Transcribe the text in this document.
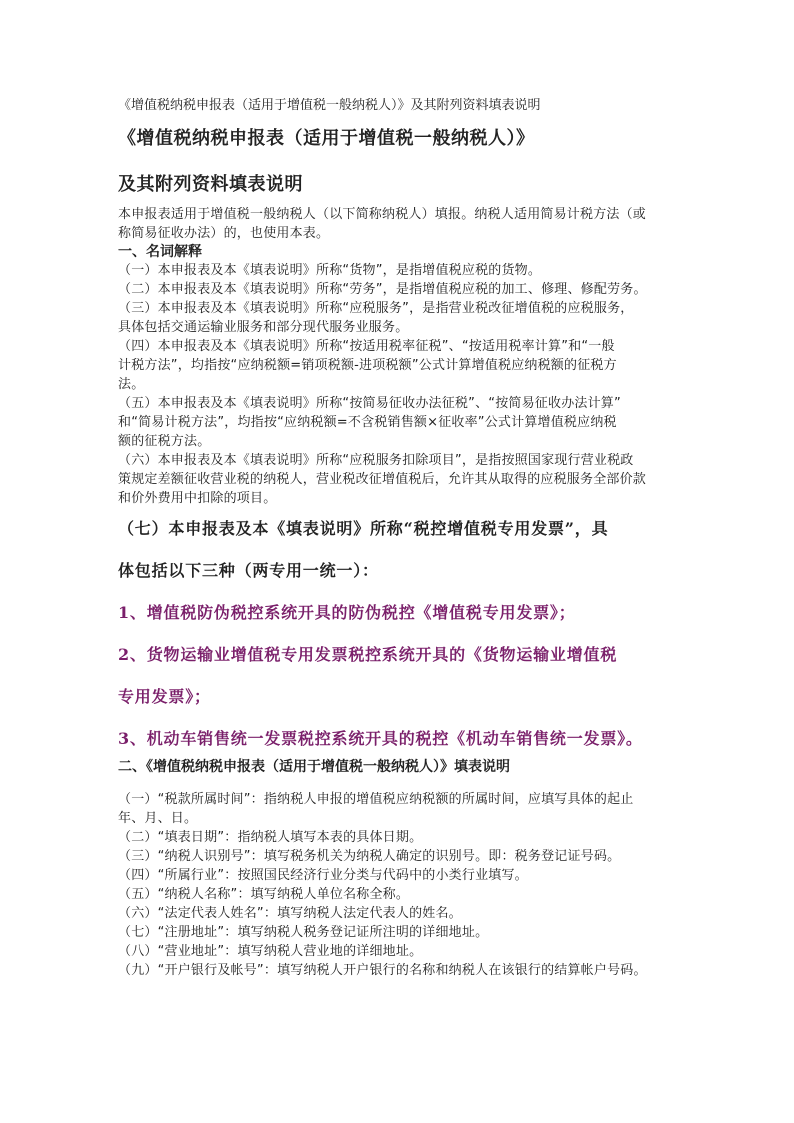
《增值税纳税申报表（适用于增值税一般纳税人）》及其附列资料填表说明

《增值税纳税申报表（适用于增值税一般纳税人）》

及其附列资料填表说明

本申报表适用于增值税一般纳税人（以下简称纳税人）填报。纳税人适用简易计税方法（或

称简易征收办法）的，也使用本表。

一、名词解释

（一）本申报表及本《填表说明》所称“货物”，是指增值税应税的货物。

（二）本申报表及本《填表说明》所称“劳务”，是指增值税应税的加工、修理、修配劳务。

（三）本申报表及本《填表说明》所称“应税服务”，是指营业税改征增值税的应税服务，

具体包括交通运输业服务和部分现代服务业服务。

（四）本申报表及本《填表说明》所称“按适用税率征税”、“按适用税率计算”和“一般

计税方法”，均指按“应纳税额=销项税额-进项税额”公式计算增值税应纳税额的征税方

法。

（五）本申报表及本《填表说明》所称“按简易征收办法征税”、“按简易征收办法计算”

和“简易计税方法”，均指按“应纳税额=不含税销售额×征收率”公式计算增值税应纳税

额的征税方法。

（六）本申报表及本《填表说明》所称“应税服务扣除项目”，是指按照国家现行营业税政

策规定差额征收营业税的纳税人，营业税改征增值税后，允许其从取得的应税服务全部价款

和价外费用中扣除的项目。

（七）本申报表及本《填表说明》所称“税控增值税专用发票”，具

体包括以下三种（两专用一统一）：

1、增值税防伪税控系统开具的防伪税控《增值税专用发票》；

2、货物运输业增值税专用发票税控系统开具的《货物运输业增值税

专用发票》；

3、机动车销售统一发票税控系统开具的税控《机动车销售统一发票》。

二、《增值税纳税申报表（适用于增值税一般纳税人）》填表说明

（一）“税款所属时间”：指纳税人申报的增值税应纳税额的所属时间，应填写具体的起止

年、月、日。

（二）“填表日期”：指纳税人填写本表的具体日期。

（三）“纳税人识别号”：填写税务机关为纳税人确定的识别号。即：税务登记证号码。

（四）“所属行业”：按照国民经济行业分类与代码中的小类行业填写。

（五）“纳税人名称”：填写纳税人单位名称全称。

（六）“法定代表人姓名”：填写纳税人法定代表人的姓名。

（七）“注册地址”：填写纳税人税务登记证所注明的详细地址。

（八）“营业地址”：填写纳税人营业地的详细地址。

（九）“开户银行及帐号”：填写纳税人开户银行的名称和纳税人在该银行的结算帐户号码。
